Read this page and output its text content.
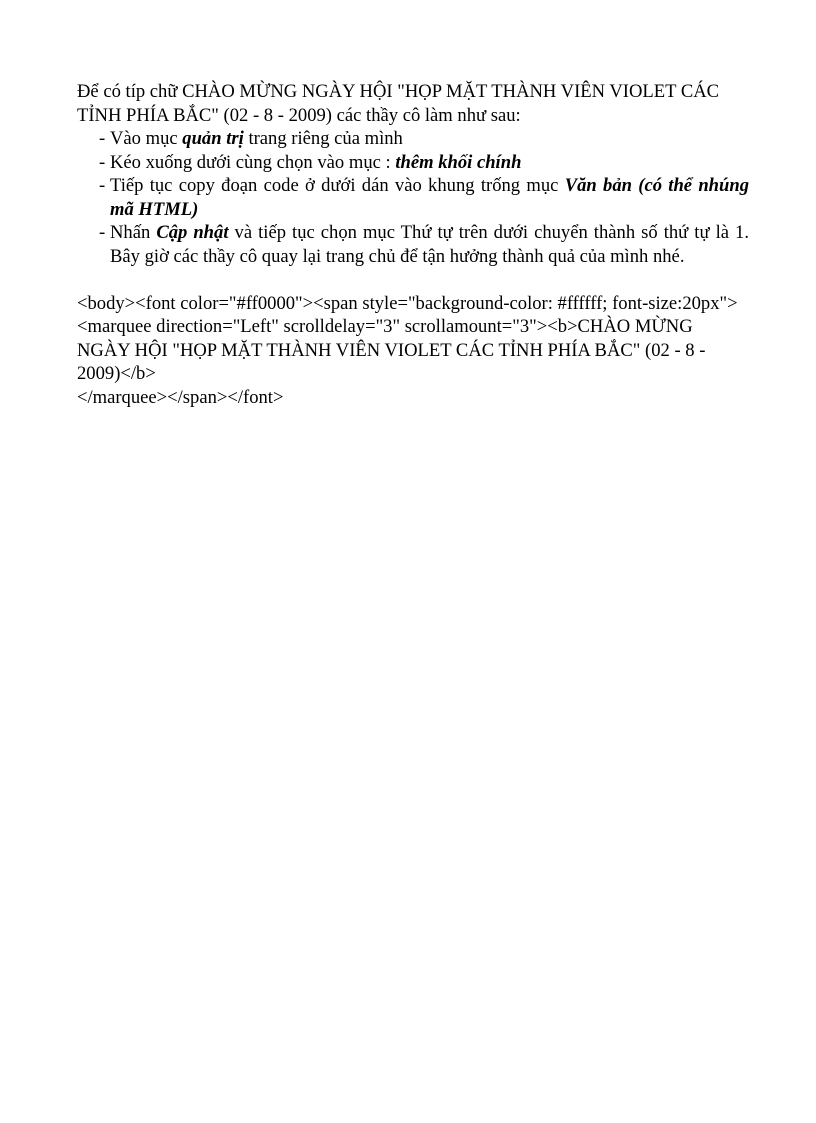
Để có típ chữ CHÀO MỪNG NGÀY HỘI "HỌP MẶT THÀNH VIÊN VIOLET CÁC TỈNH PHÍA BẮC" (02 - 8 - 2009) các thầy cô làm như sau:

- Vào mục quản trị trang riêng của mình
- Kéo xuống dưới cùng chọn vào mục : thêm khối chính
- Tiếp tục copy đoạn code ở dưới dán vào khung trống mục Văn bản (có thể nhúng mã HTML)
- Nhấn Cập nhật và tiếp tục chọn mục Thứ tự trên dưới chuyển thành số thứ tự là 1. Bây giờ các thầy cô quay lại trang chủ để tận hưởng thành quả của mình nhé.
<body><font color="#ff0000"><span style="background-color: #ffffff; font-size:20px">
<marquee direction="Left" scrolldelay="3" scrollamount="3"><b>CHÀO MỪNG NGÀY HỘI "HỌP MẶT THÀNH VIÊN VIOLET CÁC TỈNH PHÍA BẮC" (02 - 8 - 2009)</b>
</marquee></span></font>
